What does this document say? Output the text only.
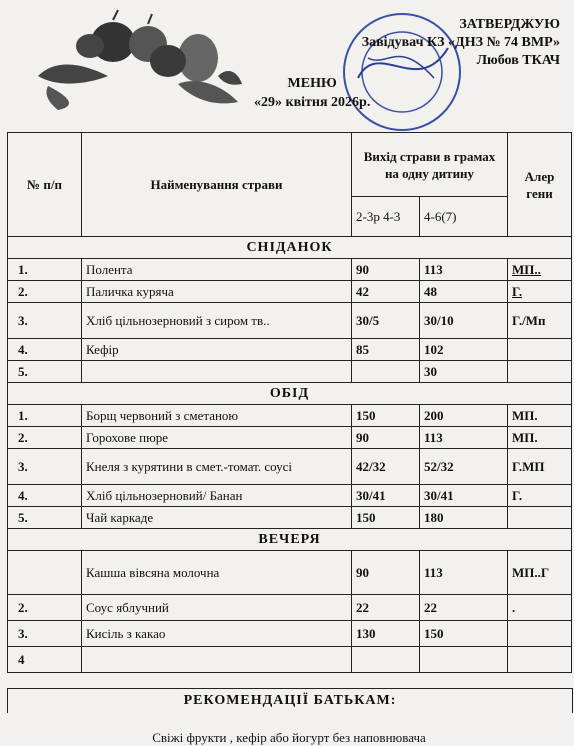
ЗАТВЕРДЖУЮ
Завідувач КЗ «ДНЗ № 74 ВМР»
Любов ТКАЧ
МЕНЮ
«29» квітня 2026р.
№ п/п	Найменування страви	Вихід страви в грамах на одну дитину		Алер гени
		2-3р 4-3	4-6(7)	
СНІДАНОК				
1.	Полента	90	113	МП..
2.	Паличка куряча	42	48	Г.
3.	Хліб цільнозерновий з сиром тв..	30/5	30/10	Г./Мп
4.	Кефір	85	102	
5.			30	
ОБІД				
1.	Борщ червоний з сметаною	150	200	МП.
2.	Горохове пюре	90	113	МП.
3.	Кнеля з курятини в смет.-томат. соусі	42/32	52/32	Г.МП
4.	Хліб цільнозерновий/ Банан	30/41	30/41	Г.
5.	Чай каркаде	150	180	
ВЕЧЕРЯ				
	Кашша вівсяна молочна	90	113	МП..Г
2.	Соус яблучний	22	22	.
3.	Кисіль з какао	130	150	
4				
РЕКОМЕНДАЦІЇ БАТЬКАМ:
Свіжі фрукти , кефір або йогурт без наповнювача
